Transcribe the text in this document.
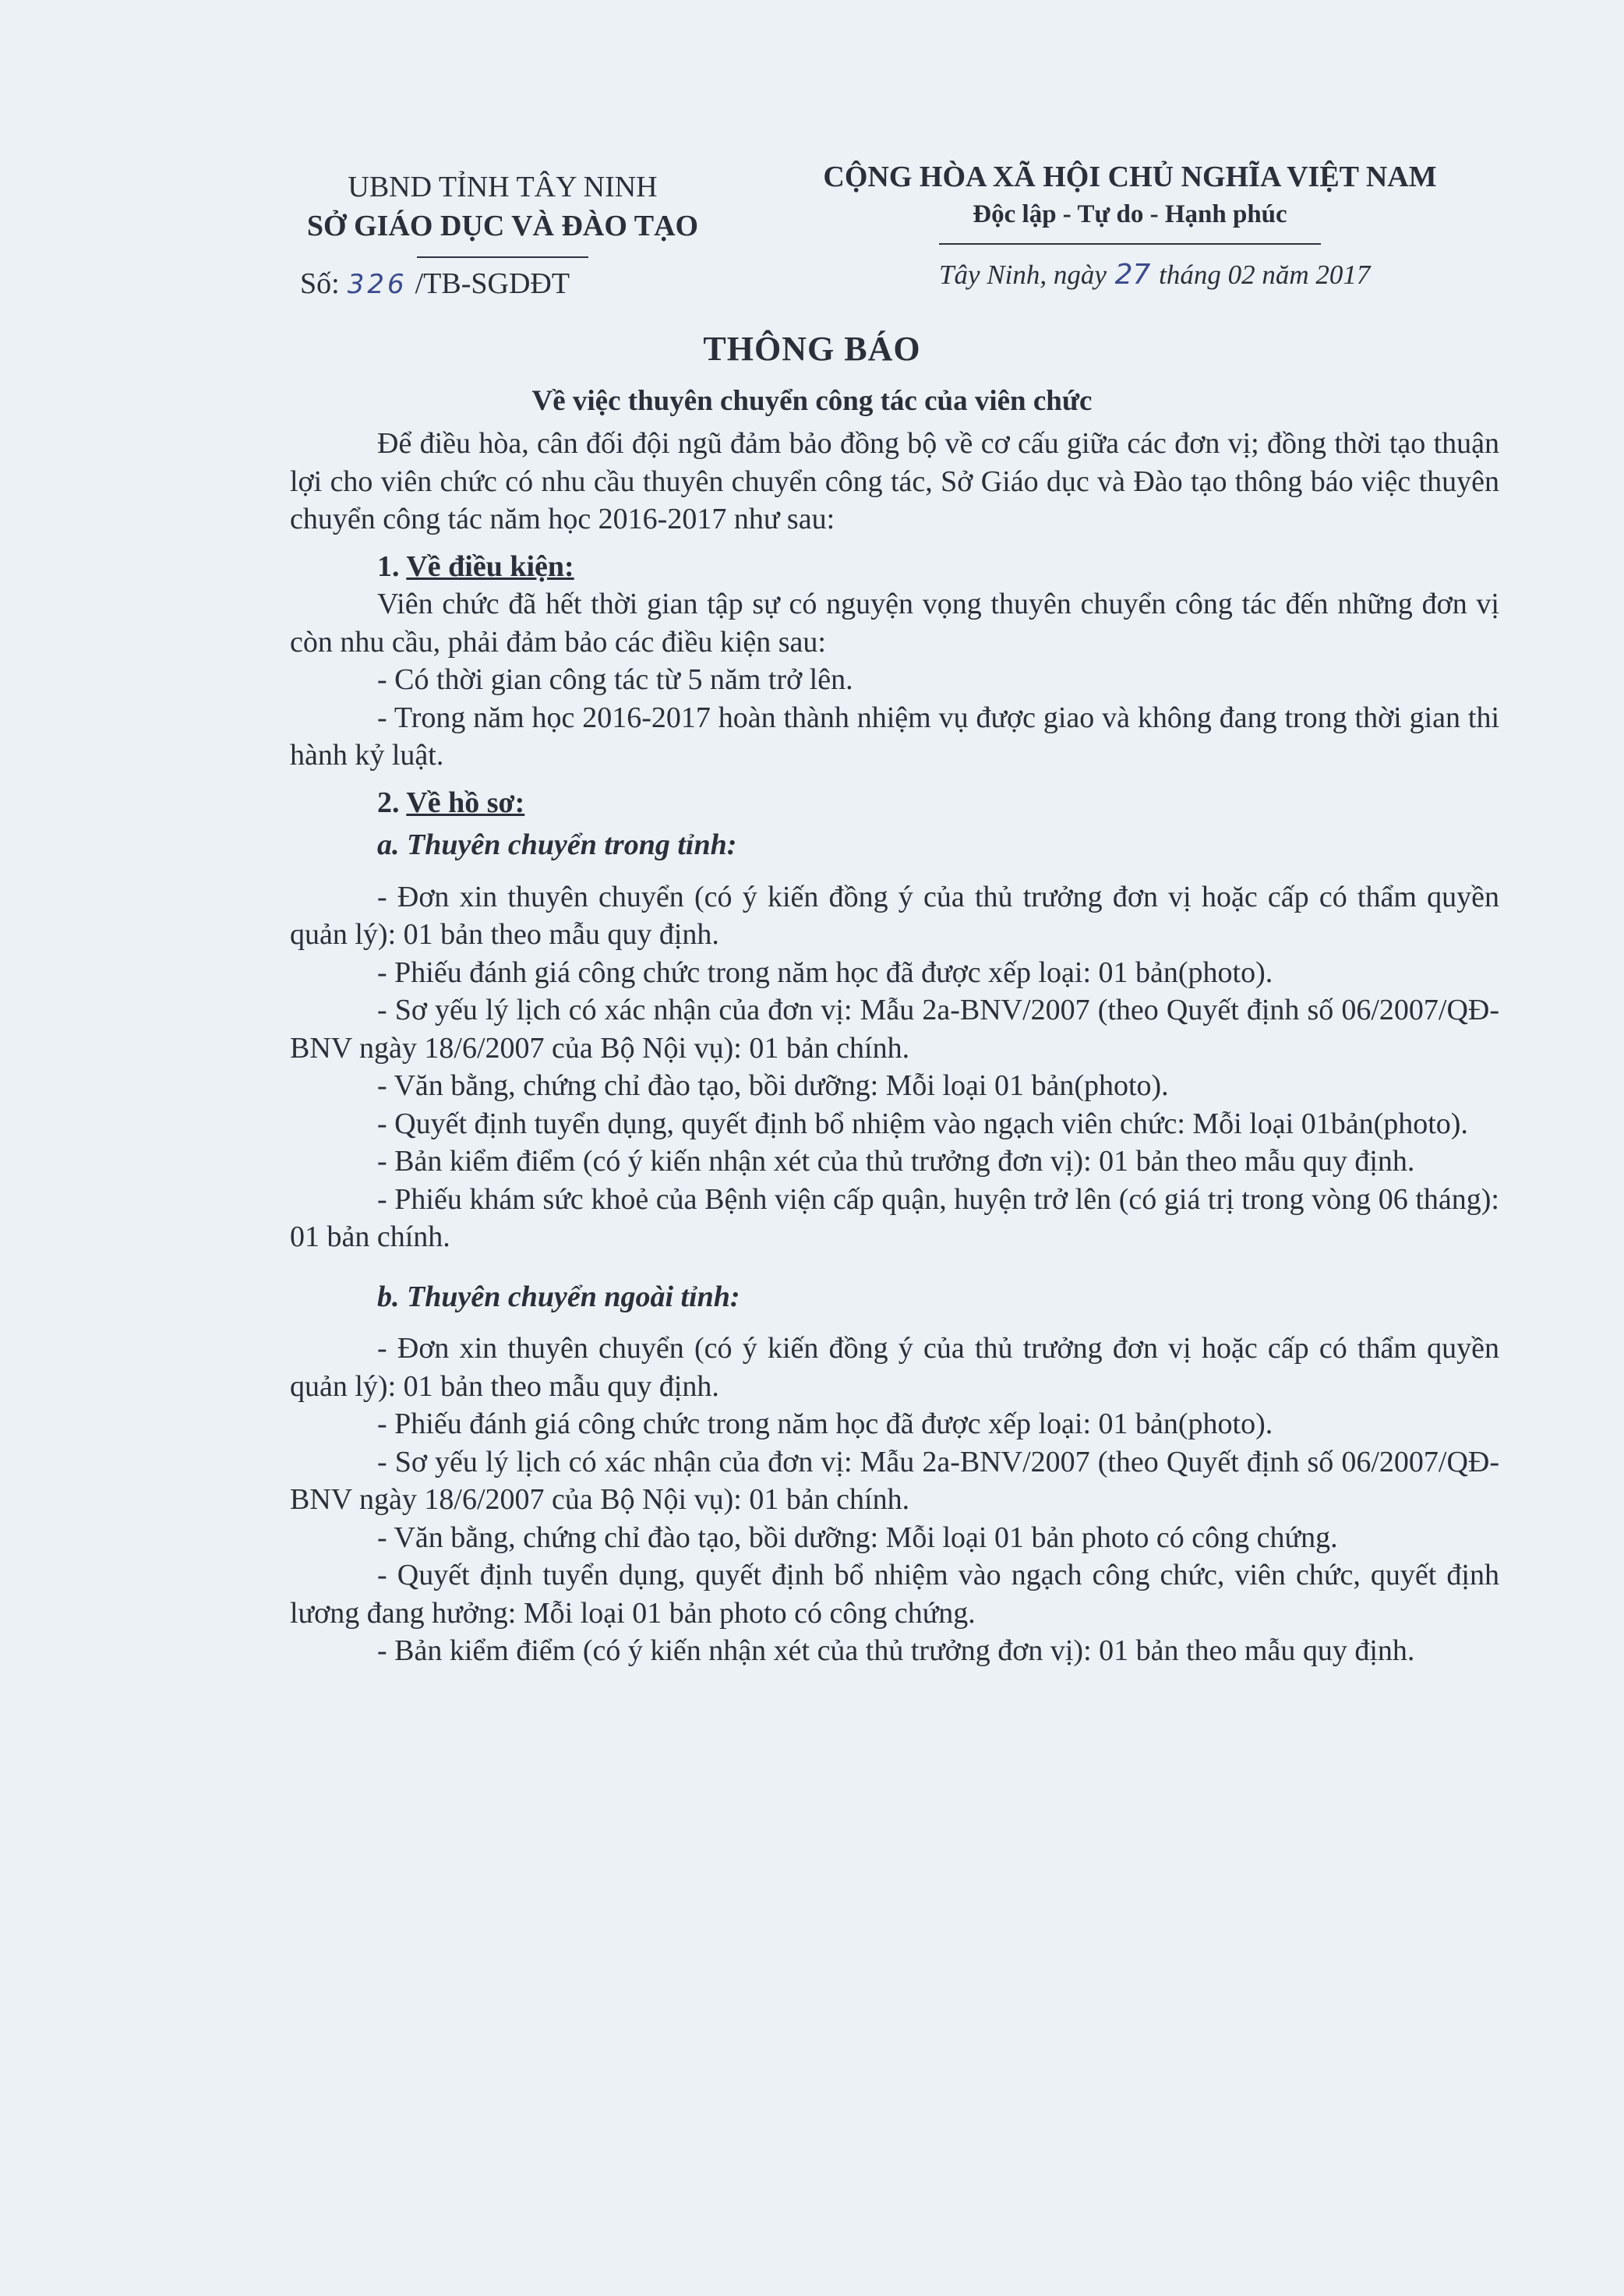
UBND TỈNH TÂY NINH
SỞ GIÁO DỤC VÀ ĐÀO TẠO
CỘNG HÒA XÃ HỘI CHỦ NGHĨA VIỆT NAM
Độc lập - Tự do - Hạnh phúc
Số: 326 /TB-SGDĐT	Tây Ninh, ngày 27 tháng 02 năm 2017
THÔNG BÁO
Về việc thuyên chuyển công tác của viên chức

Để điều hòa, cân đối đội ngũ đảm bảo đồng bộ về cơ cấu giữa các đơn vị; đồng thời tạo thuận lợi cho viên chức có nhu cầu thuyên chuyển công tác, Sở Giáo dục và Đào tạo thông báo việc thuyên chuyển công tác năm học 2016-2017 như sau:

1. Về điều kiện:

Viên chức đã hết thời gian tập sự có nguyện vọng thuyên chuyển công tác đến những đơn vị còn nhu cầu, phải đảm bảo các điều kiện sau:

- Có thời gian công tác từ 5 năm trở lên.

- Trong năm học 2016-2017 hoàn thành nhiệm vụ được giao và không đang trong thời gian thi hành kỷ luật.

2. Về hồ sơ:
a. Thuyên chuyển trong tỉnh:

- Đơn xin thuyên chuyển (có ý kiến đồng ý của thủ trưởng đơn vị hoặc cấp có thẩm quyền quản lý): 01 bản theo mẫu quy định.

- Phiếu đánh giá công chức trong năm học đã được xếp loại: 01 bản(photo).

- Sơ yếu lý lịch có xác nhận của đơn vị: Mẫu 2a-BNV/2007 (theo Quyết định số 06/2007/QĐ-BNV ngày 18/6/2007 của Bộ Nội vụ): 01 bản chính.

- Văn bằng, chứng chỉ đào tạo, bồi dưỡng: Mỗi loại 01 bản(photo).

- Quyết định tuyển dụng, quyết định bổ nhiệm vào ngạch viên chức: Mỗi loại 01bản(photo).

- Bản kiểm điểm (có ý kiến nhận xét của thủ trưởng đơn vị): 01 bản theo mẫu quy định.

- Phiếu khám sức khoẻ của Bệnh viện cấp quận, huyện trở lên (có giá trị trong vòng 06 tháng): 01 bản chính.

b. Thuyên chuyển ngoài tỉnh:

- Đơn xin thuyên chuyển (có ý kiến đồng ý của thủ trưởng đơn vị hoặc cấp có thẩm quyền quản lý): 01 bản theo mẫu quy định.

- Phiếu đánh giá công chức trong năm học đã được xếp loại: 01 bản(photo).

- Sơ yếu lý lịch có xác nhận của đơn vị: Mẫu 2a-BNV/2007 (theo Quyết định số 06/2007/QĐ-BNV ngày 18/6/2007 của Bộ Nội vụ): 01 bản chính.

- Văn bằng, chứng chỉ đào tạo, bồi dưỡng: Mỗi loại 01 bản photo có công chứng.

- Quyết định tuyển dụng, quyết định bổ nhiệm vào ngạch công chức, viên chức, quyết định lương đang hưởng: Mỗi loại 01 bản photo có công chứng.

- Bản kiểm điểm (có ý kiến nhận xét của thủ trưởng đơn vị): 01 bản theo mẫu quy định.
